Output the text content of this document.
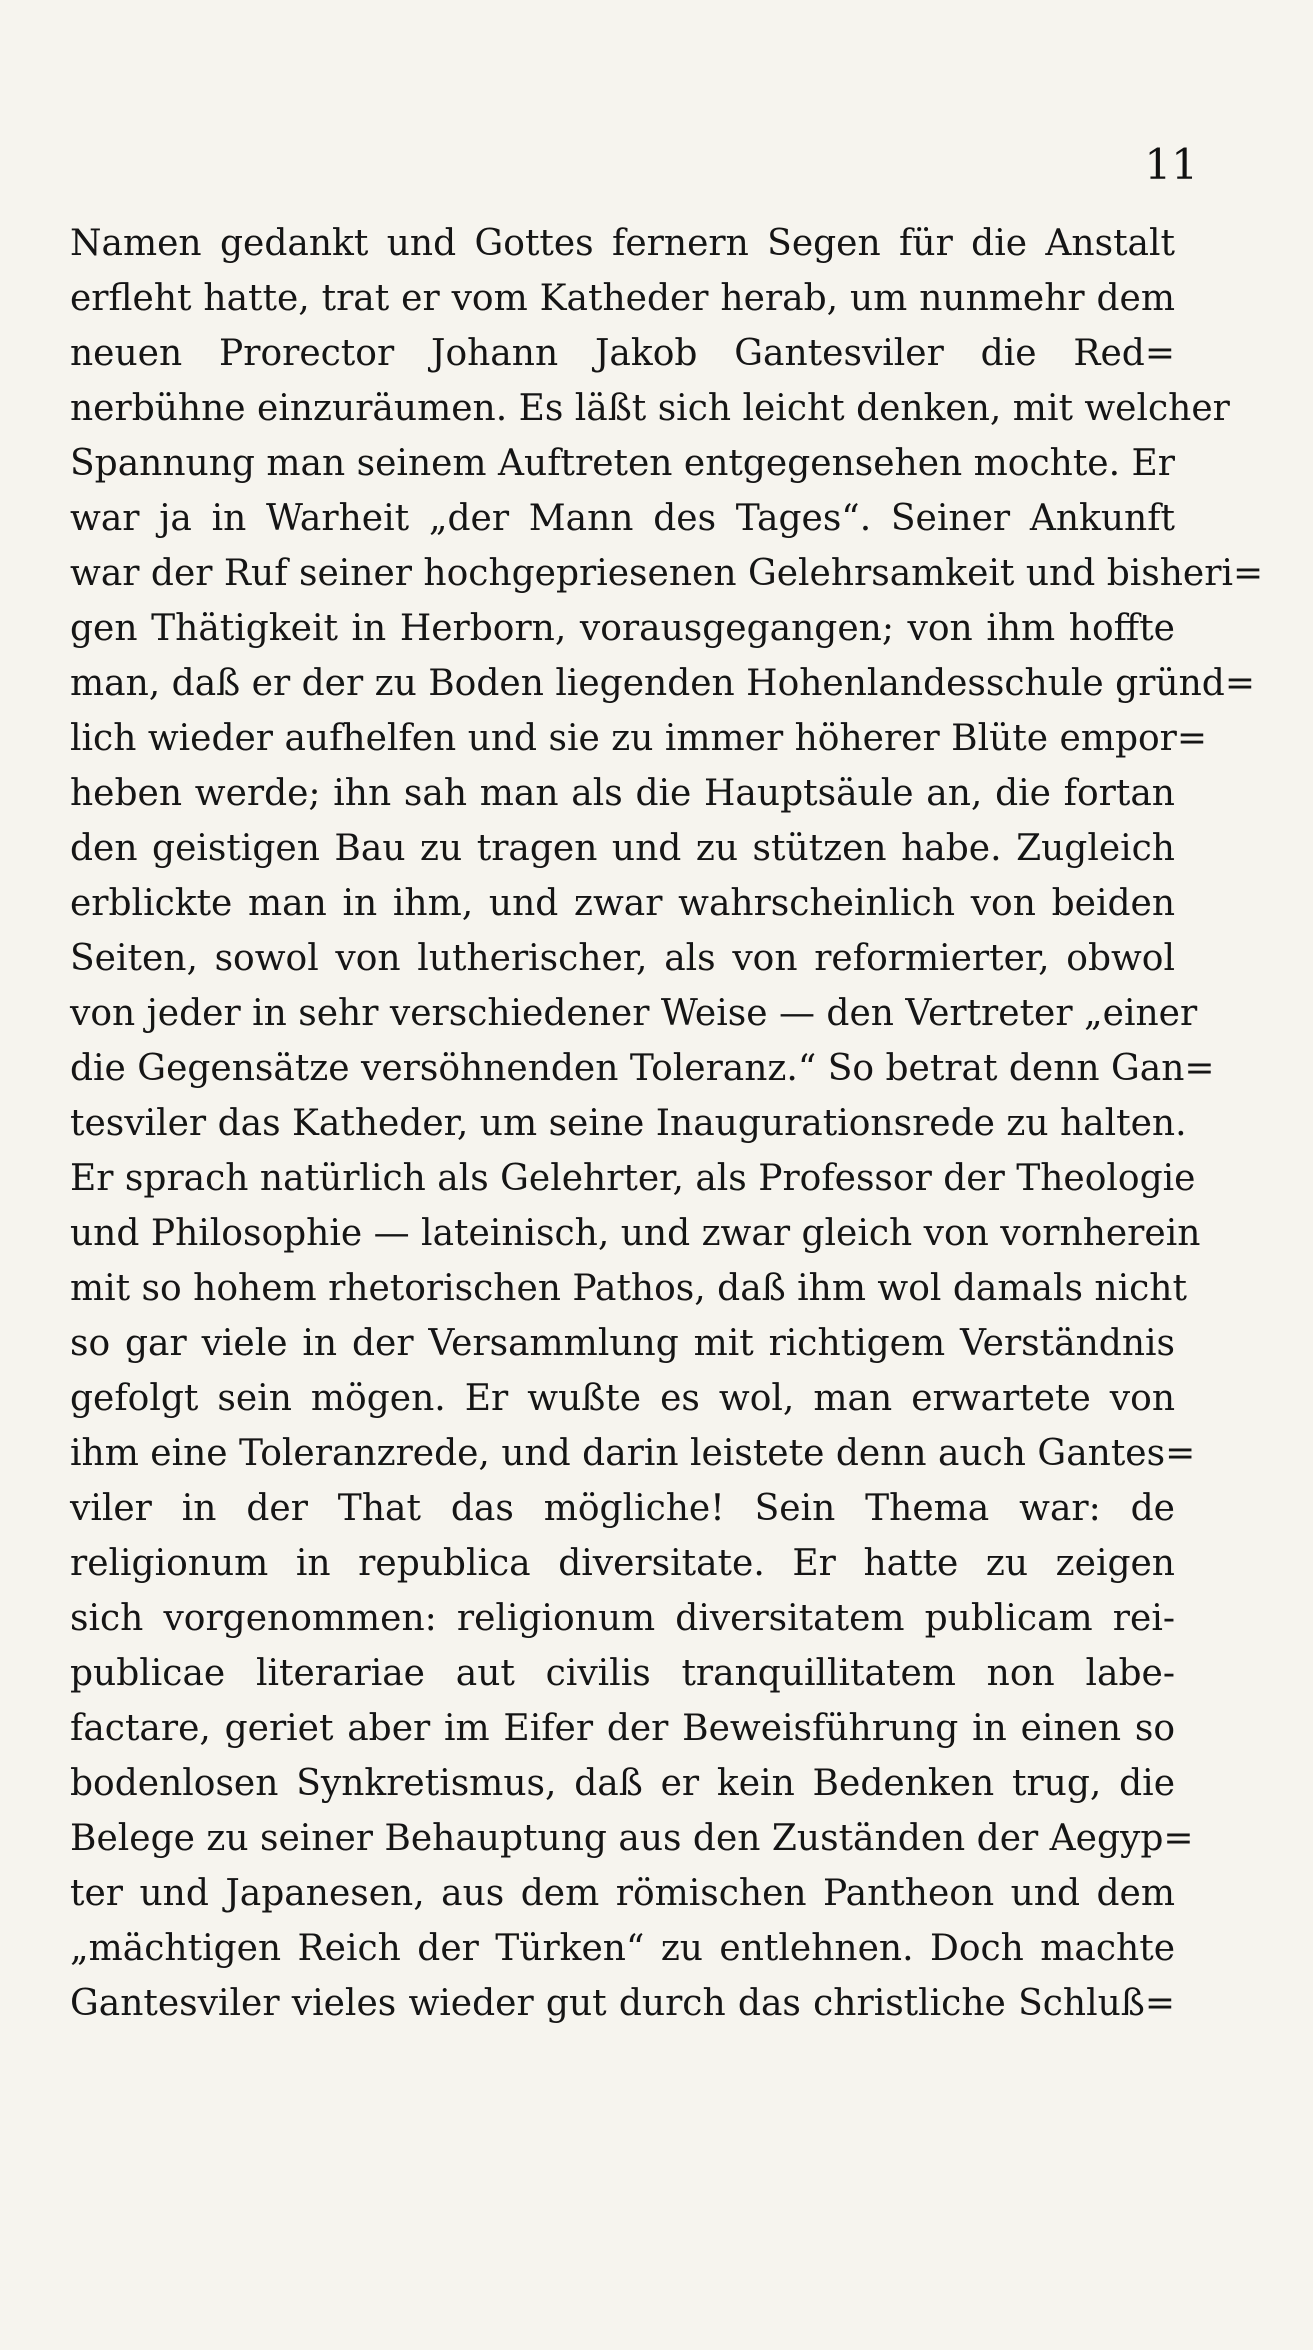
11
Namen gedankt und Gottes fernern Segen für die Anstalt
erfleht hatte, trat er vom Katheder herab, um nunmehr dem
neuen Prorector Johann Jakob Gantesviler die Red=
nerbühne einzuräumen. Es läßt sich leicht denken, mit welcher
Spannung man seinem Auftreten entgegensehen mochte. Er
war ja in Warheit „der Mann des Tages“. Seiner Ankunft
war der Ruf seiner hochgepriesenen Gelehrsamkeit und bisheri=
gen Thätigkeit in Herborn, vorausgegangen; von ihm hoffte
man, daß er der zu Boden liegenden Hohenlandesschule gründ=
lich wieder aufhelfen und sie zu immer höherer Blüte empor=
heben werde; ihn sah man als die Hauptsäule an, die fortan
den geistigen Bau zu tragen und zu stützen habe. Zugleich
erblickte man in ihm, und zwar wahrscheinlich von beiden
Seiten, sowol von lutherischer, als von reformierter, obwol
von jeder in sehr verschiedener Weise — den Vertreter „einer
die Gegensätze versöhnenden Toleranz.“ So betrat denn Gan=
tesviler das Katheder, um seine Inaugurationsrede zu halten.
Er sprach natürlich als Gelehrter, als Professor der Theologie
und Philosophie — lateinisch, und zwar gleich von vornherein
mit so hohem rhetorischen Pathos, daß ihm wol damals nicht
so gar viele in der Versammlung mit richtigem Verständnis
gefolgt sein mögen. Er wußte es wol, man erwartete von
ihm eine Toleranzrede, und darin leistete denn auch Gantes=
viler in der That das mögliche! Sein Thema war: de
religionum in republica diversitate. Er hatte zu zeigen
sich vorgenommen: religionum diversitatem publicam rei-
publicae literariae aut civilis tranquillitatem non labe-
factare, geriet aber im Eifer der Beweisführung in einen so
bodenlosen Synkretismus, daß er kein Bedenken trug, die
Belege zu seiner Behauptung aus den Zuständen der Aegyp=
ter und Japanesen, aus dem römischen Pantheon und dem
„mächtigen Reich der Türken“ zu entlehnen. Doch machte
Gantesviler vieles wieder gut durch das christliche Schluß=
